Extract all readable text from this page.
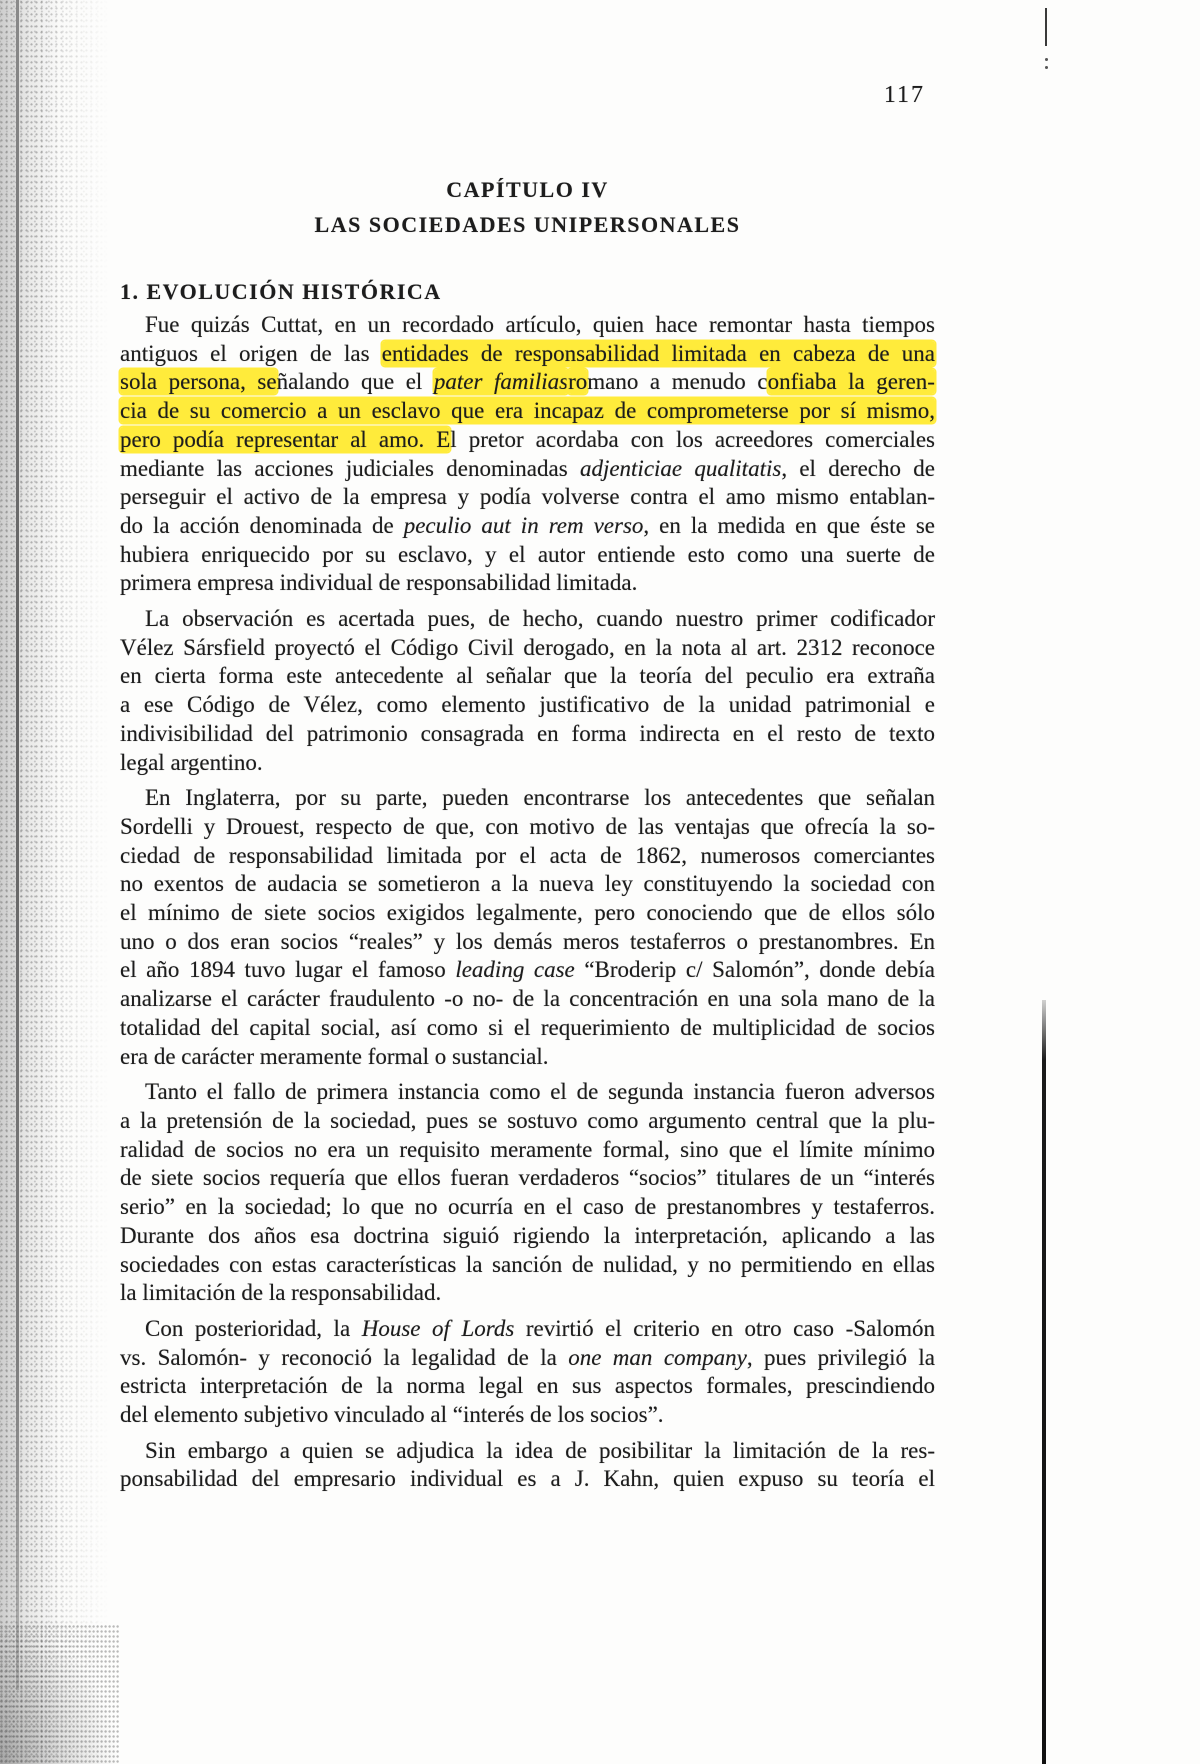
117
CAPÍTULO IV
LAS SOCIEDADES UNIPERSONALES
1. EVOLUCIÓN HISTÓRICA
Fue quizás Cuttat, en un recordado artículo, quien hace remontar hasta tiempos
antiguos el origen de las entidades de responsabilidad limitada en cabeza de una
sola persona, señalando que el pater familiasromano a menudo confiaba la geren-
cia de su comercio a un esclavo que era incapaz de comprometerse por sí mismo,
pero podía representar al amo. El pretor acordaba con los acreedores comerciales
mediante las acciones judiciales denominadas adjenticiae qualitatis, el derecho de
perseguir el activo de la empresa y podía volverse contra el amo mismo entablan-
do la acción denominada de peculio aut in rem verso, en la medida en que éste se
hubiera enriquecido por su esclavo, y el autor entiende esto como una suerte de
primera empresa individual de responsabilidad limitada.
La observación es acertada pues, de hecho, cuando nuestro primer codificador
Vélez Sársfield proyectó el Código Civil derogado, en la nota al art. 2312 reconoce
en cierta forma este antecedente al señalar que la teoría del peculio era extraña
a ese Código de Vélez, como elemento justificativo de la unidad patrimonial e
indivisibilidad del patrimonio consagrada en forma indirecta en el resto de texto
legal argentino.
En Inglaterra, por su parte, pueden encontrarse los antecedentes que señalan
Sordelli y Drouest, respecto de que, con motivo de las ventajas que ofrecía la so-
ciedad de responsabilidad limitada por el acta de 1862, numerosos comerciantes
no exentos de audacia se sometieron a la nueva ley constituyendo la sociedad con
el mínimo de siete socios exigidos legalmente, pero conociendo que de ellos sólo
uno o dos eran socios “reales” y los demás meros testaferros o prestanombres. En
el año 1894 tuvo lugar el famoso leading case “Broderip c/ Salomón”, donde debía
analizarse el carácter fraudulento -o no- de la concentración en una sola mano de la
totalidad del capital social, así como si el requerimiento de multiplicidad de socios
era de carácter meramente formal o sustancial.
Tanto el fallo de primera instancia como el de segunda instancia fueron adversos
a la pretensión de la sociedad, pues se sostuvo como argumento central que la plu-
ralidad de socios no era un requisito meramente formal, sino que el límite mínimo
de siete socios requería que ellos fueran verdaderos “socios” titulares de un “interés
serio” en la sociedad; lo que no ocurría en el caso de prestanombres y testaferros.
Durante dos años esa doctrina siguió rigiendo la interpretación, aplicando a las
sociedades con estas características la sanción de nulidad, y no permitiendo en ellas
la limitación de la responsabilidad.
Con posterioridad, la House of Lords revirtió el criterio en otro caso -Salomón
vs. Salomón- y reconoció la legalidad de la one man company, pues privilegió la
estricta interpretación de la norma legal en sus aspectos formales, prescindiendo
del elemento subjetivo vinculado al “interés de los socios”.
Sin embargo a quien se adjudica la idea de posibilitar la limitación de la res-
ponsabilidad del empresario individual es a J. Kahn, quien expuso su teoría el
